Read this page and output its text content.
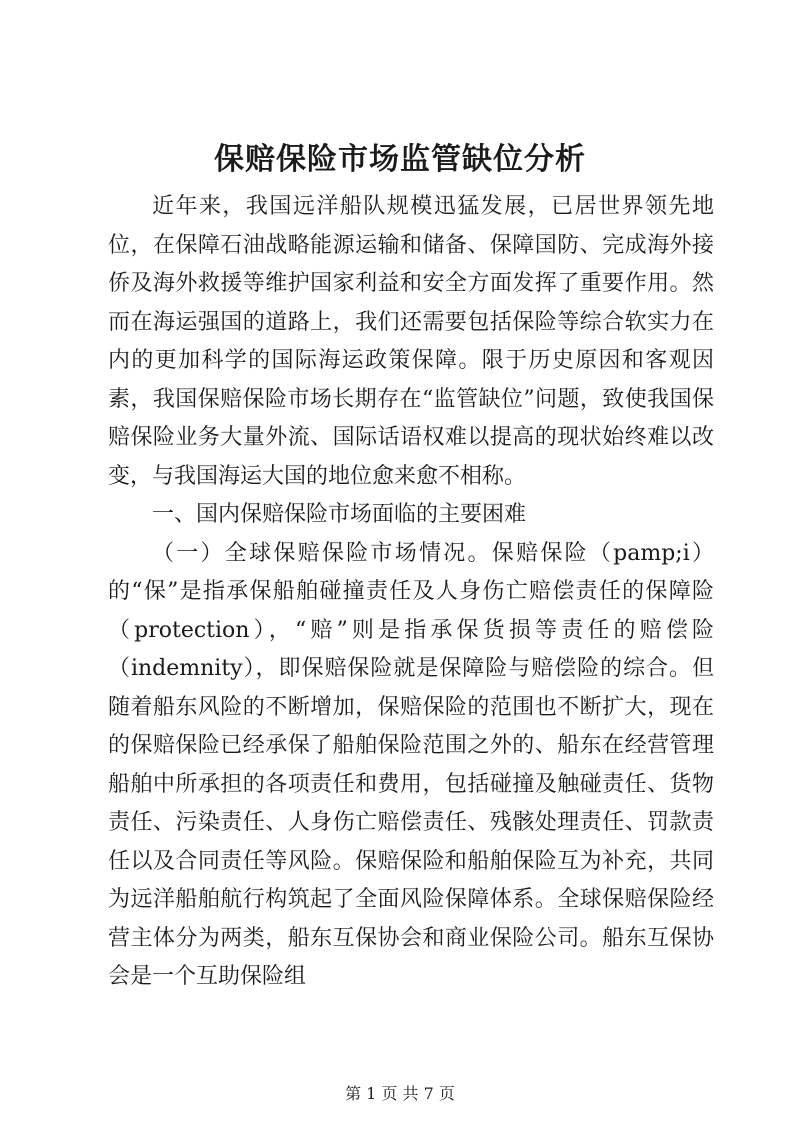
保赔保险市场监管缺位分析

近年来，我国远洋船队规模迅猛发展，已居世界领先地位，在保障石油战略能源运输和储备、保障国防、完成海外接侨及海外救援等维护国家利益和安全方面发挥了重要作用。然而在海运强国的道路上，我们还需要包括保险等综合软实力在内的更加科学的国际海运政策保障。限于历史原因和客观因素，我国保赔保险市场长期存在“监管缺位”问题，致使我国保赔保险业务大量外流、国际话语权难以提高的现状始终难以改变，与我国海运大国的地位愈来愈不相称。

一、国内保赔保险市场面临的主要困难

（一）全球保赔保险市场情况。保赔保险（pamp;i）的“保”是指承保船舶碰撞责任及人身伤亡赔偿责任的保障险（protection），“赔”则是指承保货损等责任的赔偿险（indemnity），即保赔保险就是保障险与赔偿险的综合。但随着船东风险的不断增加，保赔保险的范围也不断扩大，现在的保赔保险已经承保了船舶保险范围之外的、船东在经营管理船舶中所承担的各项责任和费用，包括碰撞及触碰责任、货物责任、污染责任、人身伤亡赔偿责任、残骸处理责任、罚款责任以及合同责任等风险。保赔保险和船舶保险互为补充，共同为远洋船舶航行构筑起了全面风险保障体系。全球保赔保险经营主体分为两类，船东互保协会和商业保险公司。船东互保协会是一个互助保险组

第 1 页 共 7 页
